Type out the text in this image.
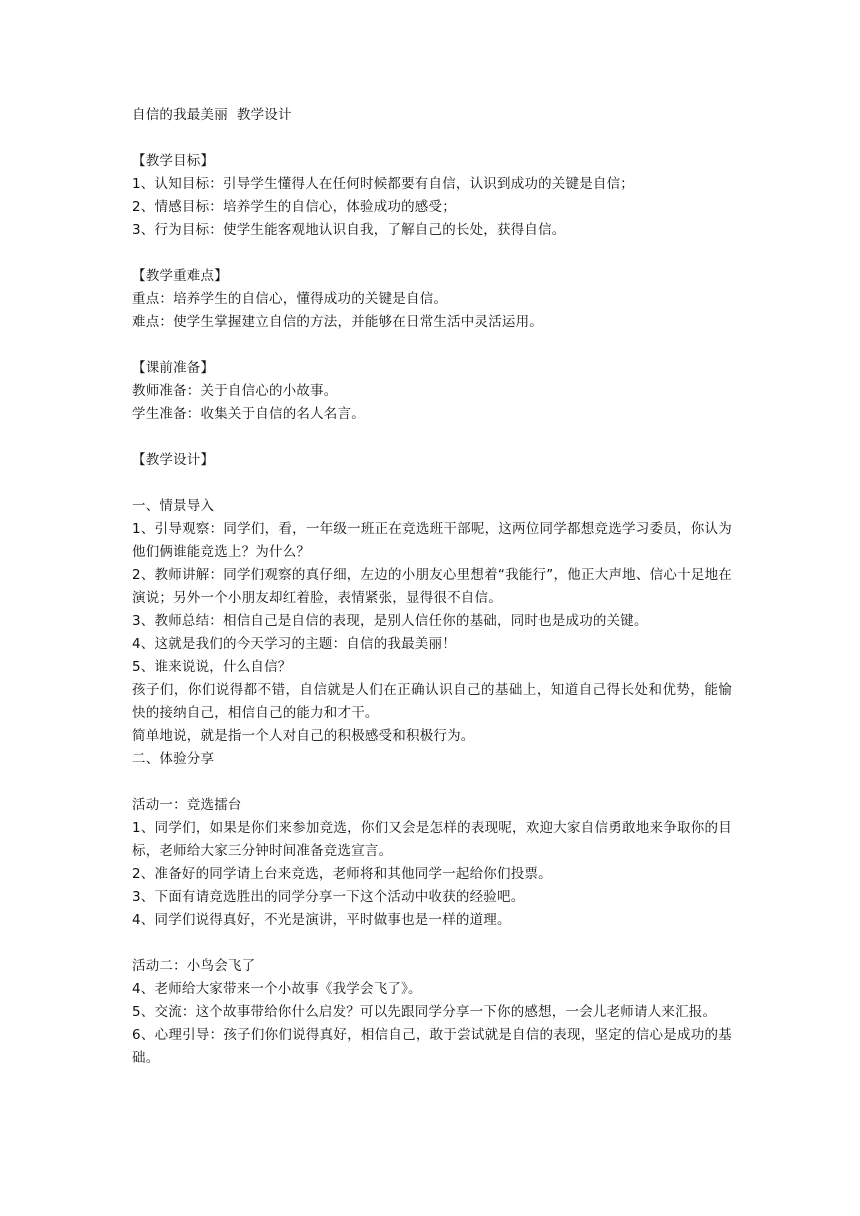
自信的我最美丽  教学设计
【教学目标】
1、认知目标：引导学生懂得人在任何时候都要有自信，认识到成功的关键是自信；
2、情感目标：培养学生的自信心，体验成功的感受；
3、行为目标：使学生能客观地认识自我，了解自己的长处，获得自信。
【教学重难点】
重点：培养学生的自信心，懂得成功的关键是自信。
难点：使学生掌握建立自信的方法，并能够在日常生活中灵活运用。
【课前准备】
教师准备：关于自信心的小故事。
学生准备：收集关于自信的名人名言。
【教学设计】
一、情景导入
1、引导观察：同学们，看，一年级一班正在竞选班干部呢，这两位同学都想竞选学习委员，你认为他们俩谁能竞选上？为什么？
2、教师讲解：同学们观察的真仔细，左边的小朋友心里想着“我能行”，他正大声地、信心十足地在演说；另外一个小朋友却红着脸，表情紧张，显得很不自信。
3、教师总结：相信自己是自信的表现，是别人信任你的基础，同时也是成功的关键。
4、这就是我们的今天学习的主题：自信的我最美丽！
5、谁来说说，什么自信？
孩子们，你们说得都不错，自信就是人们在正确认识自己的基础上，知道自己得长处和优势，能愉快的接纳自己，相信自己的能力和才干。
简单地说，就是指一个人对自己的积极感受和积极行为。
二、体验分享
活动一：竞选擂台
1、同学们，如果是你们来参加竞选，你们又会是怎样的表现呢，欢迎大家自信勇敢地来争取你的目标，老师给大家三分钟时间准备竞选宣言。
2、准备好的同学请上台来竞选，老师将和其他同学一起给你们投票。
3、下面有请竞选胜出的同学分享一下这个活动中收获的经验吧。
4、同学们说得真好，不光是演讲，平时做事也是一样的道理。
活动二：小鸟会飞了
4、老师给大家带来一个小故事《我学会飞了》。
5、交流：这个故事带给你什么启发？可以先跟同学分享一下你的感想，一会儿老师请人来汇报。
6、心理引导：孩子们你们说得真好，相信自己，敢于尝试就是自信的表现，坚定的信心是成功的基础。
